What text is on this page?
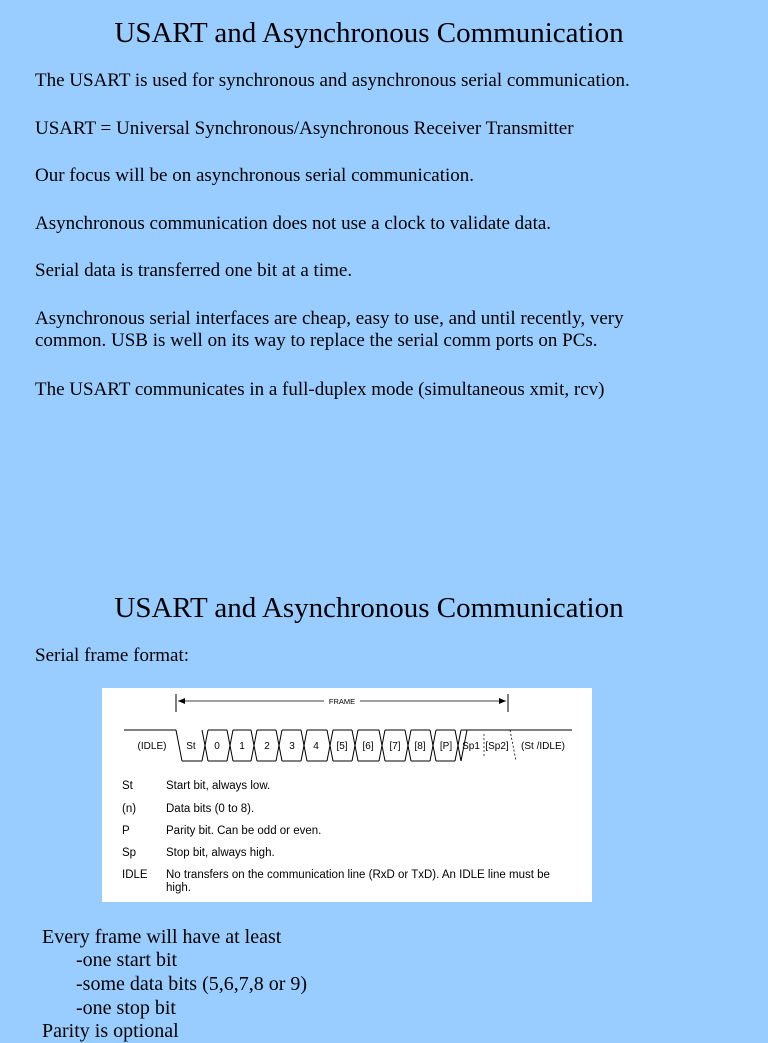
USART and Asynchronous Communication

The USART is used for synchronous and asynchronous serial communication.

USART = Universal Synchronous/Asynchronous Receiver Transmitter

Our focus will be on asynchronous serial communication.

Asynchronous communication does not use a clock to validate data.

Serial data is transferred one bit at a time.

Asynchronous serial interfaces are cheap, easy to use, and until recently, very
common. USB is well on its way to replace the serial comm ports on PCs.

The USART communicates in a full-duplex mode (simultaneous xmit, rcv)

USART and Asynchronous Communication

Serial frame format:

FRAME
(IDLE) St 0 1 2 3 4 [5] [6] [7] [8] [P] Sp1 [Sp2] (St /IDLE)
St	Start bit, always low.
(n)	Data bits (0 to 8).
P	Parity bit. Can be odd or even.
Sp	Stop bit, always high.
IDLE No transfers on the communication line (RxD or TxD). An IDLE line must be
high.

Every frame will have at least

-one start bit

-some data bits (5,6,7,8 or 9)

-one stop bit

Parity is optional
